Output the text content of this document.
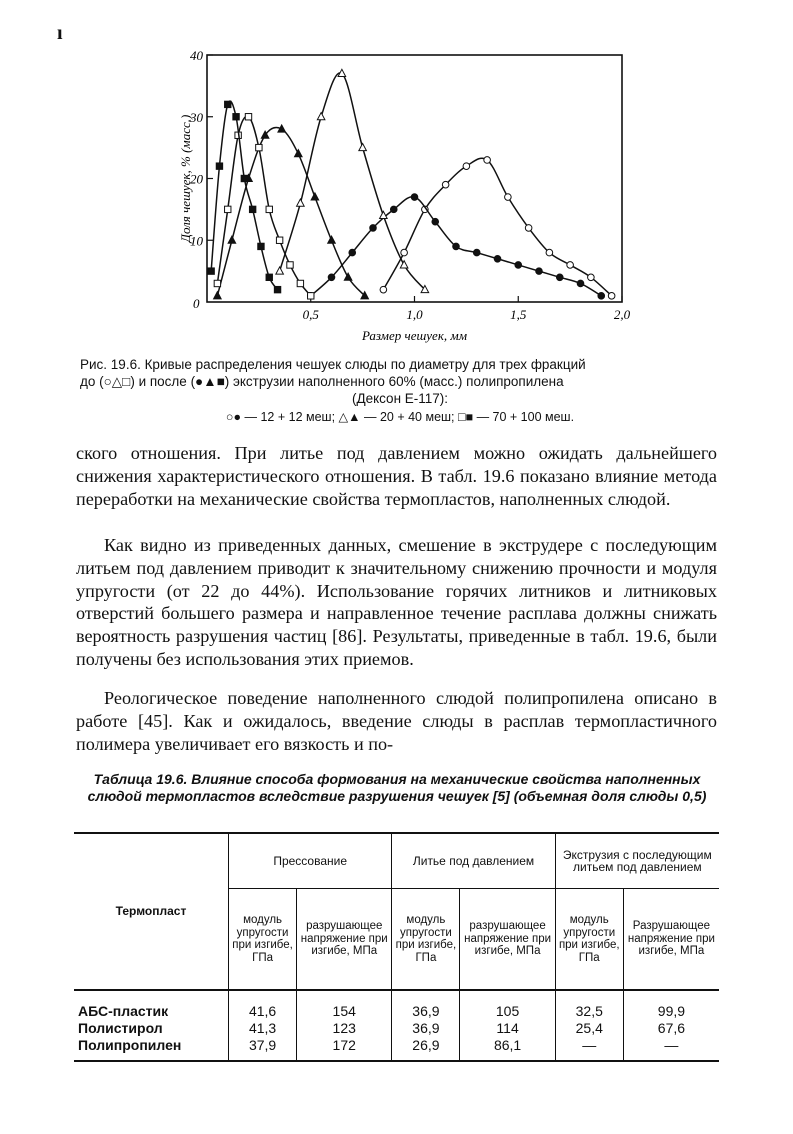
ı
10
20
30
40
0,5	1,0	1,5	2,0
0
Размер чешуек, мм
Доля чешуек, % (масс.)
Рис. 19.6. Кривые распределения чешуек слюды по диаметру для трех фракций
до (○△□) и после (●▲■) экструзии наполненного 60% (масс.) полипропилена
(Дексон Е-117):
○● — 12 + 12 меш; △▲ — 20 + 40 меш; □■ — 70 + 100 меш.
ского отношения. При литье под давлением можно ожидать дальнейшего снижения характеристического отношения. В табл. 19.6 показано влияние метода переработки на механические свойства термопластов, наполненных слюдой.
Как видно из приведенных данных, смешение в экструдере с последующим литьем под давлением приводит к значительному снижению прочности и модуля упругости (от 22 до 44%). Использование горячих литников и литниковых отверстий большего размера и направленное течение расплава должны снижать вероятность разрушения частиц [86]. Результаты, приведенные в табл. 19.6, были получены без использования этих приемов.
Реологическое поведение наполненного слюдой полипропилена описано в работе [45]. Как и ожидалось, введение слюды в расплав термопластичного полимера увеличивает его вязкость и по-
Таблица 19.6. Влияние способа формования на механические свойства наполненных слюдой термопластов вследствие разрушения чешуек [5] (объемная доля слюды 0,5)
Термопласт	Прессование		Литье под давлением		Экструзия с последующим литьем под давлением	
	модуль упругости при изгибе, ГПа	разрушающее напряжение при изгибе, МПа	модуль упругости при изгибе, ГПа	разрушающее напряжение при изгибе, МПа	модуль упругости при изгибе, ГПа	Разрушающее напряжение при изгибе, МПа
АБС-пластик	41,6	154	36,9	105	32,5	99,9
Полистирол	41,3	123	36,9	114	25,4	67,6
Полипропилен	37,9	172	26,9	86,1	—	—
